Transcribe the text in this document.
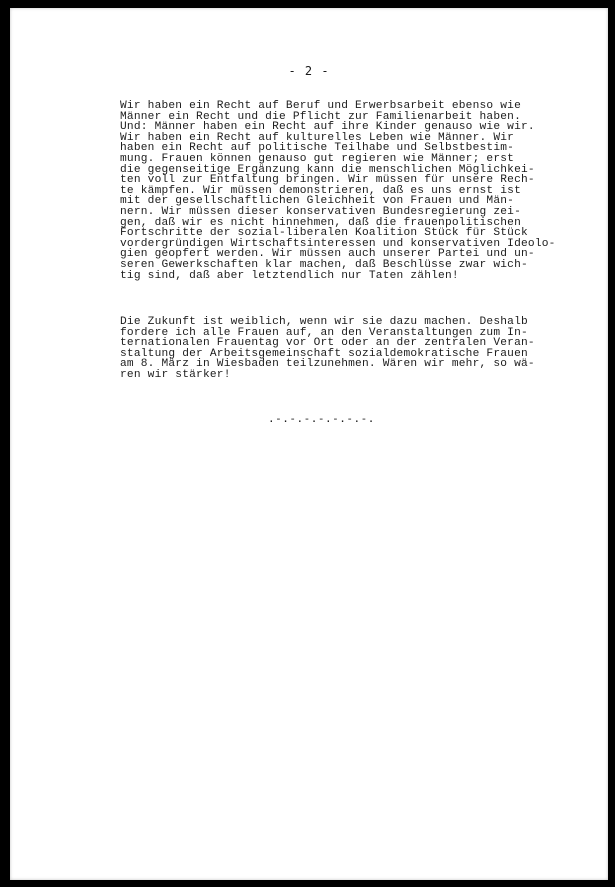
- 2 -
Wir haben ein Recht auf Beruf und Erwerbsarbeit ebenso wie
Männer ein Recht und die Pflicht zur Familienarbeit haben.
Und: Männer haben ein Recht auf ihre Kinder genauso wie wir.
Wir haben ein Recht auf kulturelles Leben wie Männer. Wir
haben ein Recht auf politische Teilhabe und Selbstbestim-
mung. Frauen können genauso gut regieren wie Männer; erst
die gegenseitige Ergänzung kann die menschlichen Möglichkei-
ten voll zur Entfaltung bringen. Wir müssen für unsere Rech-
te kämpfen. Wir müssen demonstrieren, daß es uns ernst ist
mit der gesellschaftlichen Gleichheit von Frauen und Män-
nern. Wir müssen dieser konservativen Bundesregierung zei-
gen, daß wir es nicht hinnehmen, daß die frauenpolitischen
Fortschritte der sozial-liberalen Koalition Stück für Stück
vordergründigen Wirtschaftsinteressen und konservativen Ideolo-
gien geopfert werden. Wir müssen auch unserer Partei und un-
seren Gewerkschaften klar machen, daß Beschlüsse zwar wich-
tig sind, daß aber letztendlich nur Taten zählen!
Die Zukunft ist weiblich, wenn wir sie dazu machen. Deshalb
fordere ich alle Frauen auf, an den Veranstaltungen zum In-
ternationalen Frauentag vor Ort oder an der zentralen Veran-
staltung der Arbeitsgemeinschaft sozialdemokratische Frauen
am 8. März in Wiesbaden teilzunehmen. Wären wir mehr, so wä-
ren wir stärker!
.-.-.-.-.-.-.-.
